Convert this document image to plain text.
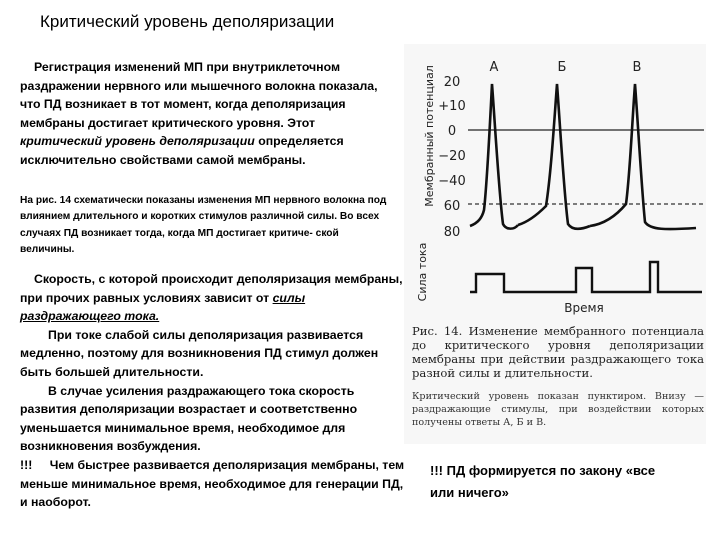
Критический уровень деполяризации
Регистрация изменений МП при внутриклеточном раздражении нервного или мышечного волокна показала, что ПД возникает в тот момент, когда деполяризация мембраны достигает критического уровня. Этот критический уровень деполяризации определяется исключительно свойствами самой мембраны.
На рис. 14 схематически показаны изменения МП нервного волокна под влиянием длительного и коротких стимулов различной силы. Во всех случаях ПД возникает тогда, когда МП достигает критиче- ской величины.
Скорость, с которой происходит деполяризация мембраны, при прочих равных условиях зависит от силы раздражающего тока.
При токе слабой силы деполяризация развивается медленно, поэтому для возникновения ПД стимул должен быть большей длительности.
В случае усиления раздражающего тока скорость развития деполяризации возрастает и соответственно уменьшается минимальное время, необходимое для возникновения возбуждения.
!!! Чем быстрее развивается деполяризация мембраны, тем меньше минимальное время, необходимое для генерации ПД, и наоборот.
Мембранный потенциал 20
+10
0
−20
−40
60
80
А	Б	В
Сила тока
Время
Рис. 14. Изменение мембранного потенциала до критического уровня деполяризации мембраны при действии раздражающего тока разной силы и длительности.
Критический уровень показан пунктиром. Внизу — раздражающие стимулы, при воздействии которых получены ответы А, Б и В.
!!! ПД формируется по закону «все или ничего»
